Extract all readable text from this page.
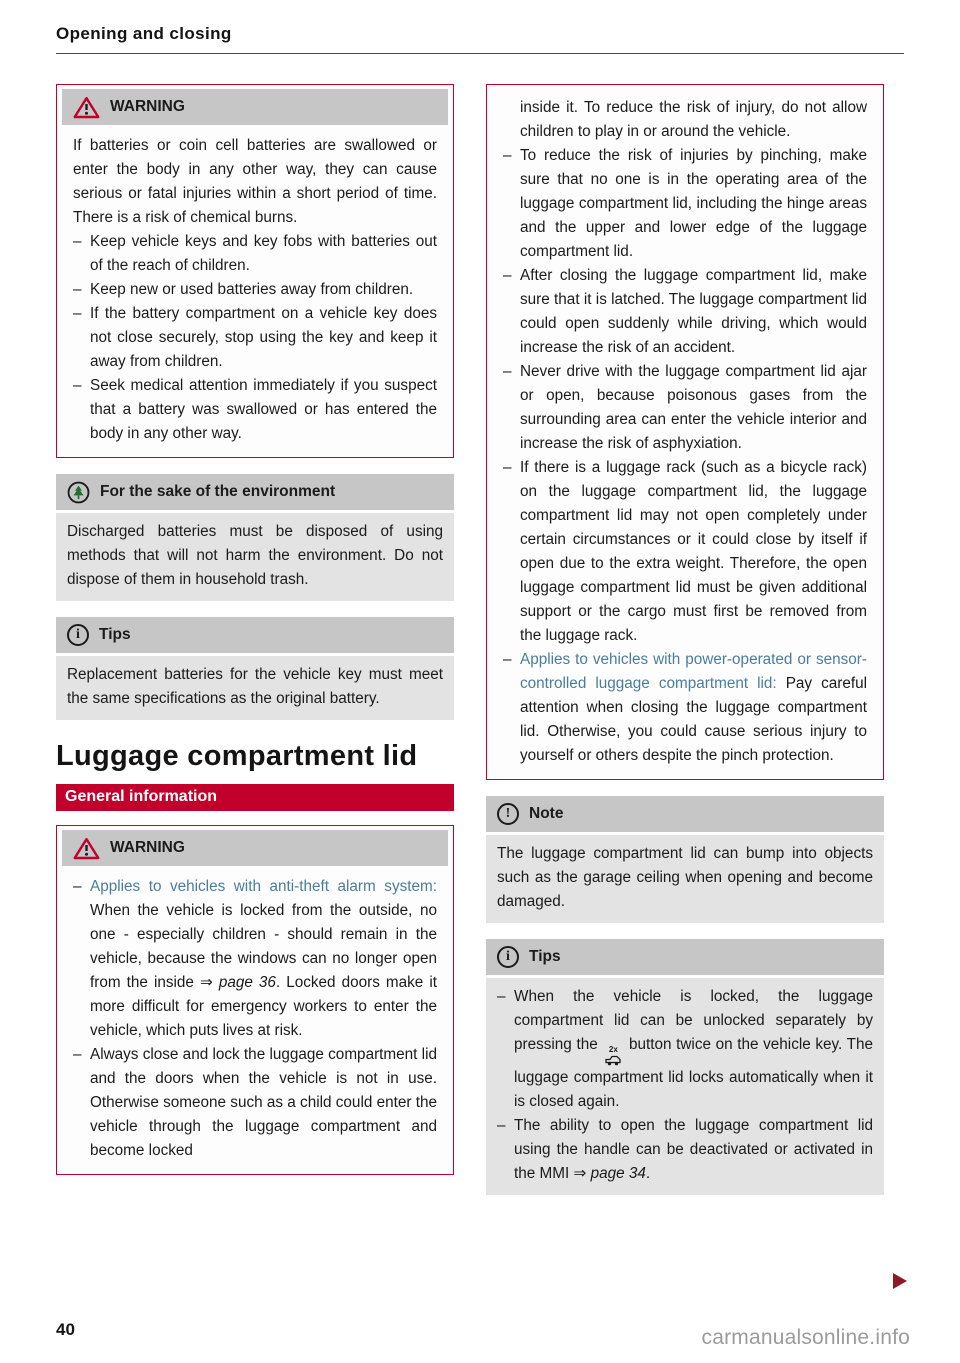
Opening and closing
WARNING

If batteries or coin cell batteries are swallowed or enter the body in any other way, they can cause serious or fatal injuries within a short period of time. There is a risk of chemical burns.

– Keep vehicle keys and key fobs with batteries out of the reach of children.
– Keep new or used batteries away from children.
– If the battery compartment on a vehicle key does not close securely, stop using the key and keep it away from children.
– Seek medical attention immediately if you suspect that a battery was swallowed or has entered the body in any other way.
For the sake of the environment

Discharged batteries must be disposed of using methods that will not harm the environment. Do not dispose of them in household trash.

i Tips

Replacement batteries for the vehicle key must meet the same specifications as the original battery.

Luggage compartment lid
General information
WARNING
– Applies to vehicles with anti-theft alarm system: When the vehicle is locked from the outside, no one - especially children - should remain in the vehicle, because the windows can no longer open from the inside ⇒ page 36. Locked doors make it more difficult for emergency workers to enter the vehicle, which puts lives at risk.
– Always close and lock the luggage compartment lid and the doors when the vehicle is not in use. Otherwise someone such as a child could enter the vehicle through the luggage compartment and become locked

inside it. To reduce the risk of injury, do not allow children to play in or around the vehicle.

– To reduce the risk of injuries by pinching, make sure that no one is in the operating area of the luggage compartment lid, including the hinge areas and the upper and lower edge of the luggage compartment lid.
– After closing the luggage compartment lid, make sure that it is latched. The luggage compartment lid could open suddenly while driving, which would increase the risk of an accident.
– Never drive with the luggage compartment lid ajar or open, because poisonous gases from the surrounding area can enter the vehicle interior and increase the risk of asphyxiation.
– If there is a luggage rack (such as a bicycle rack) on the luggage compartment lid, the luggage compartment lid may not open completely under certain circumstances or it could close by itself if open due to the extra weight. Therefore, the open luggage compartment lid must be given additional support or the cargo must first be removed from the luggage rack.
– Applies to vehicles with power-operated or sensor-controlled luggage compartment lid: Pay careful attention when closing the luggage compartment lid. Otherwise, you could cause serious injury to yourself or others despite the pinch protection.
! Note

The luggage compartment lid can bump into objects such as the garage ceiling when opening and become damaged.

i Tips
– When the vehicle is locked, the luggage compartment lid can be unlocked separately by pressing the 2x button twice on the vehicle key. The luggage compartment lid locks automatically when it is closed again.
– The ability to open the luggage compartment lid using the handle can be deactivated or activated in the MMI ⇒ page 34.
40	carmanualsonline.info
